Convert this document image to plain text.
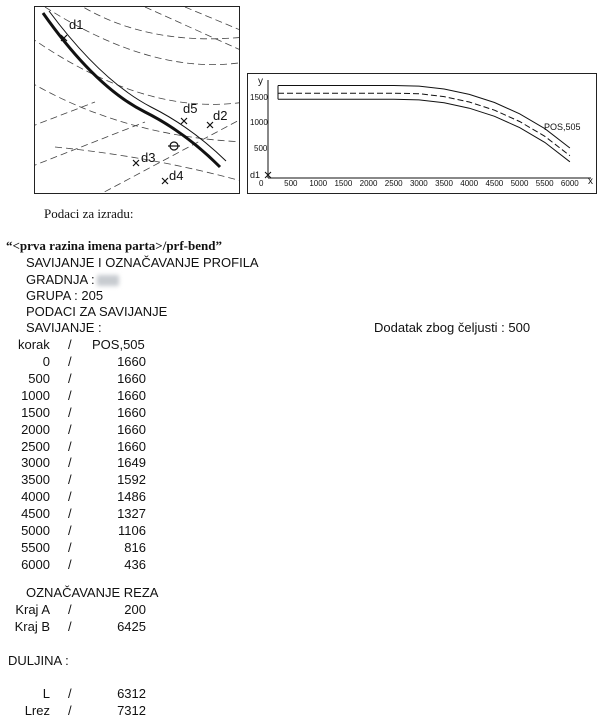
d1
d5 d2
d3
d4
y
x
d1
1500
1000
500
POS,505
0	500 1000 1500 2000 2500 3000 3500 4000 4500 5000 5500 6000
Podaci za izradu:
“<prva razina imena parta>/prf-bend”
SAVIJANJE I OZNAČAVANJE PROFILA
GRADNJA :
GRUPA : 205
PODACI ZA SAVIJANJE
SAVIJANJE :	Dodatak zbog čeljusti : 500
korak / POS,505
0 /	1660
500 /	1660
1000 /	1660
1500 /	1660
2000 /	1660
2500 /	1660
3000 /	1649
3500 /	1592
4000 /	1486
4500 /	1327
5000 /	1106
5500 /	816
6000 /	436
OZNAČAVANJE REZA
Kraj A /	200
Kraj B /	6425
DULJINA :
L /	6312
Lrez /	7312
